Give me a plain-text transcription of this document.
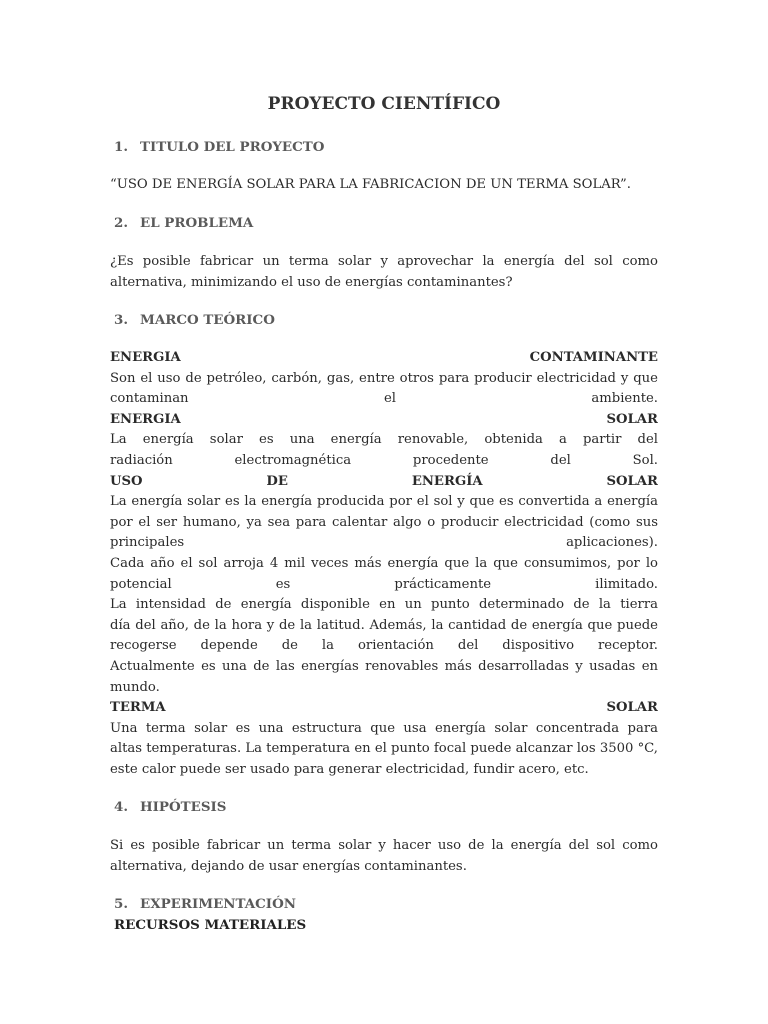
PROYECTO CIENTÍFICO
1. TITULO DEL PROYECTO

“USO DE ENERGÍA SOLAR PARA LA FABRICACION DE UN TERMA SOLAR”.

2. EL PROBLEMA
¿Es posible fabricar un terma solar y aprovechar la energía del sol como
alternativa, minimizando el uso de energías contaminantes?
3. MARCO TEÓRICO
ENERGIA CONTAMINANTE
Son el uso de petróleo, carbón, gas, entre otros para producir electricidad y que
contaminan el ambiente.
ENERGIA SOLAR
La energía solar es una energía renovable, obtenida a partir del
radiación electromagnética procedente del Sol.
USO DE ENERGÍA SOLAR
La energía solar es la energía producida por el sol y que es convertida a energía
por el ser humano, ya sea para calentar algo o producir electricidad (como sus
principales aplicaciones).
Cada año el sol arroja 4 mil veces más energía que la que consumimos, por lo
potencial es prácticamente ilimitado.
La intensidad de energía disponible en un punto determinado de la tierra
día del año, de la hora y de la latitud. Además, la cantidad de energía que puede
recogerse depende de la orientación del dispositivo receptor.
Actualmente es una de las energías renovables más desarrolladas y usadas en
mundo.
TERMA SOLAR
Una terma solar es una estructura que usa energía solar concentrada para
altas temperaturas. La temperatura en el punto focal puede alcanzar los 3500 °C,
este calor puede ser usado para generar electricidad, fundir acero, etc.
4. HIPÓTESIS
Si es posible fabricar un terma solar y hacer uso de la energía del sol como
alternativa, dejando de usar energías contaminantes.
5. EXPERIMENTACIÓN
RECURSOS MATERIALES
